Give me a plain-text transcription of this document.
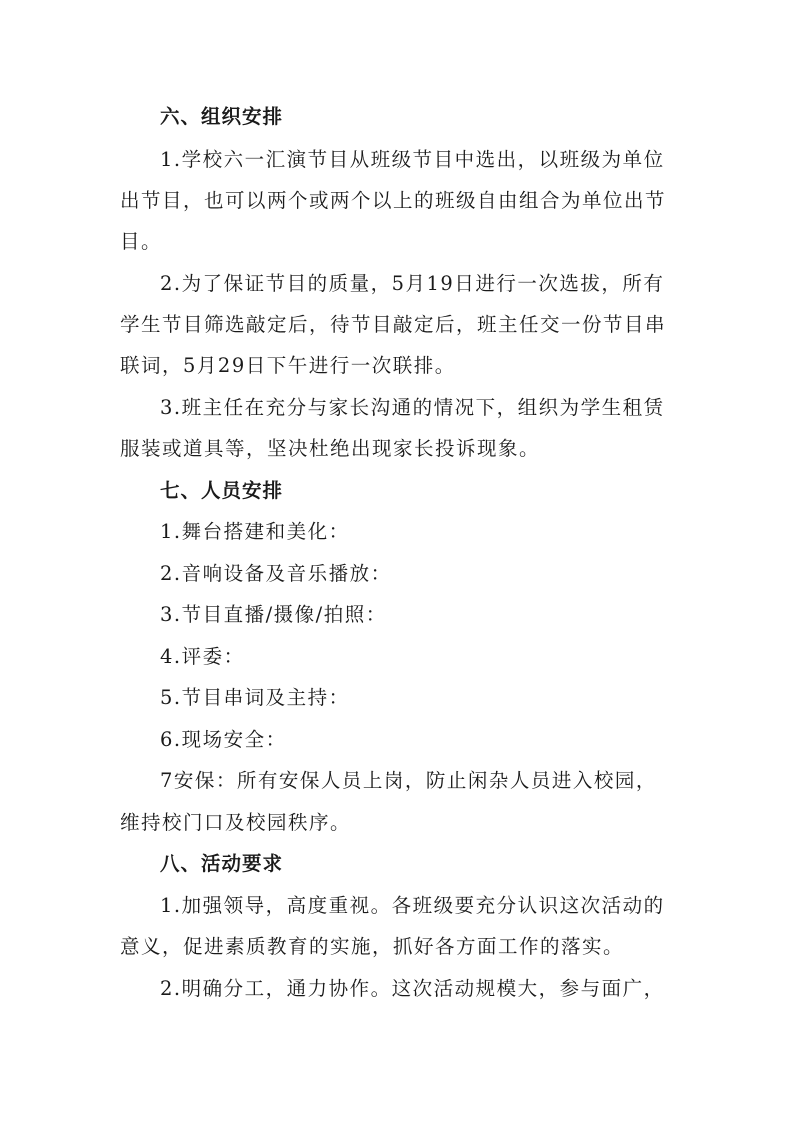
六、组织安排
1.学校六一汇演节目从班级节目中选出，以班级为单位
出节目，也可以两个或两个以上的班级自由组合为单位出节
目。
2.为了保证节目的质量，5月19日进行一次选拔，所有
学生节目筛选敲定后，待节目敲定后，班主任交一份节目串
联词，5月29日下午进行一次联排。
3.班主任在充分与家长沟通的情况下，组织为学生租赁
服装或道具等，坚决杜绝出现家长投诉现象。
七、人员安排
1.舞台搭建和美化：
2.音响设备及音乐播放：
3.节目直播/摄像/拍照：
4.评委：
5.节目串词及主持：
6.现场安全：
7安保：所有安保人员上岗，防止闲杂人员进入校园，
维持校门口及校园秩序。
八、活动要求
1.加强领导，高度重视。各班级要充分认识这次活动的
意义，促进素质教育的实施，抓好各方面工作的落实。
2.明确分工，通力协作。这次活动规模大，参与面广，
